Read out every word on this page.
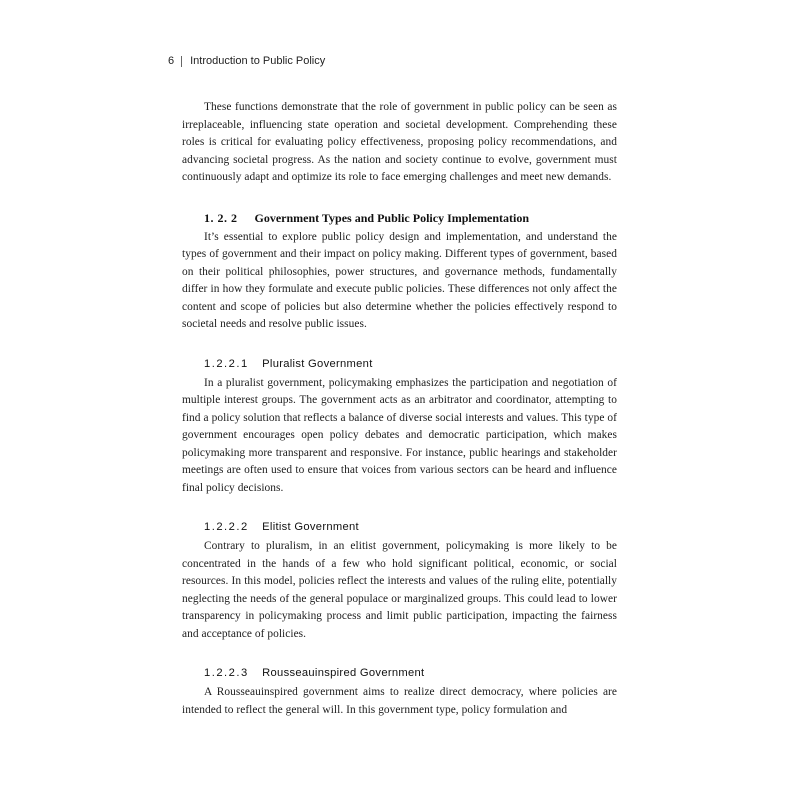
6 Introduction to Public Policy

These functions demonstrate that the role of government in public policy can be seen as irreplaceable, influencing state operation and societal development. Comprehending these roles is critical for evaluating policy effectiveness, proposing policy recommendations, and advancing societal progress. As the nation and society continue to evolve, government must continuously adapt and optimize its role to face emerging challenges and meet new demands.

1. 2. 2 Government Types and Public Policy Implementation

It’s essential to explore public policy design and implementation, and understand the types of government and their impact on policy making. Different types of government, based on their political philosophies, power structures, and governance methods, fundamentally differ in how they formulate and execute public policies. These differences not only affect the content and scope of policies but also determine whether the policies effectively respond to societal needs and resolve public issues.

1.2.2.1 Pluralist Government

In a pluralist government, policymaking emphasizes the participation and negotiation of multiple interest groups. The government acts as an arbitrator and coordinator, attempting to find a policy solution that reflects a balance of diverse social interests and values. This type of government encourages open policy debates and democratic participation, which makes policymaking more transparent and responsive. For instance, public hearings and stakeholder meetings are often used to ensure that voices from various sectors can be heard and influence final policy decisions.

1.2.2.2 Elitist Government

Contrary to pluralism, in an elitist government, policymaking is more likely to be concentrated in the hands of a few who hold significant political, economic, or social resources. In this model, policies reflect the interests and values of the ruling elite, potentially neglecting the needs of the general populace or marginalized groups. This could lead to lower transparency in policymaking process and limit public participation, impacting the fairness and acceptance of policies.

1.2.2.3 Rousseauinspired Government

A Rousseauinspired government aims to realize direct democracy, where policies are intended to reflect the general will. In this government type, policy formulation and
